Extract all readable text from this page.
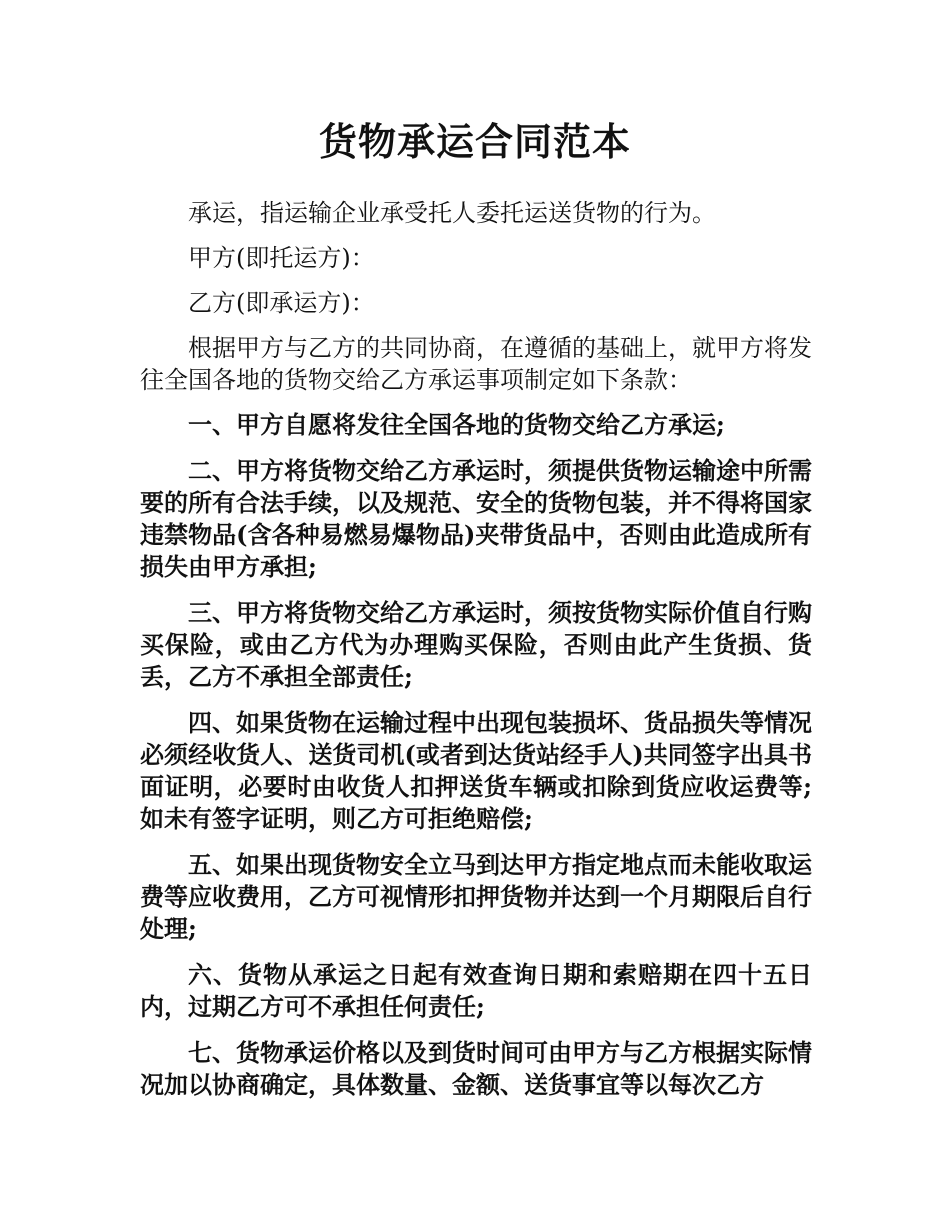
货物承运合同范本

承运，指运输企业承受托人委托运送货物的行为。

甲方(即托运方)：

乙方(即承运方)：

根据甲方与乙方的共同协商，在遵循的基础上，就甲方将发往全国各地的货物交给乙方承运事项制定如下条款：

一、甲方自愿将发往全国各地的货物交给乙方承运;

二、甲方将货物交给乙方承运时，须提供货物运输途中所需要的所有合法手续，以及规范、安全的货物包装，并不得将国家违禁物品(含各种易燃易爆物品)夹带货品中，否则由此造成所有损失由甲方承担;

三、甲方将货物交给乙方承运时，须按货物实际价值自行购买保险，或由乙方代为办理购买保险，否则由此产生货损、货丢，乙方不承担全部责任;

四、如果货物在运输过程中出现包装损坏、货品损失等情况必须经收货人、送货司机(或者到达货站经手人)共同签字出具书面证明，必要时由收货人扣押送货车辆或扣除到货应收运费等;如未有签字证明，则乙方可拒绝赔偿;

五、如果出现货物安全立马到达甲方指定地点而未能收取运费等应收费用，乙方可视情形扣押货物并达到一个月期限后自行处理;

六、货物从承运之日起有效查询日期和索赔期在四十五日内，过期乙方可不承担任何责任;

七、货物承运价格以及到货时间可由甲方与乙方根据实际情况加以协商确定，具体数量、金额、送货事宜等以每次乙方
